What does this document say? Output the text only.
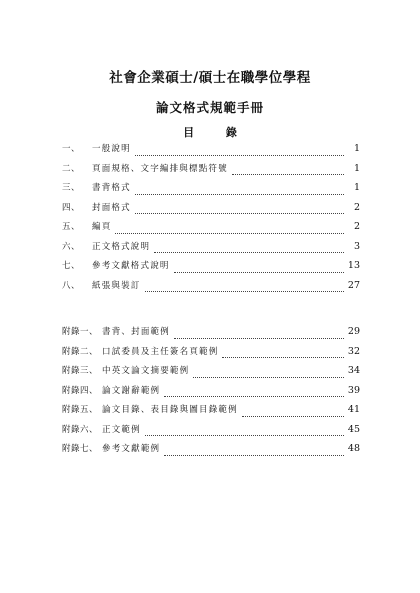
社會企業碩士/碩士在職學位學程
論文格式規範手冊
目 錄
一、	一般說明	1
二、	頁面規格、文字編排與標點符號	1
三、	書背格式	1
四、	封面格式	2
五、	編頁	2
六、	正文格式說明	3
七、	參考文獻格式說明	13
八、	紙張與裝訂	27
附錄一、 書背、封面範例	29
附錄二、 口試委員及主任簽名頁範例	32
附錄三、 中英文論文摘要範例	34
附錄四、 論文謝辭範例	39
附錄五、 論文目錄、表目錄與圖目錄範例	41
附錄六、 正文範例	45
附錄七、 參考文獻範例	48
